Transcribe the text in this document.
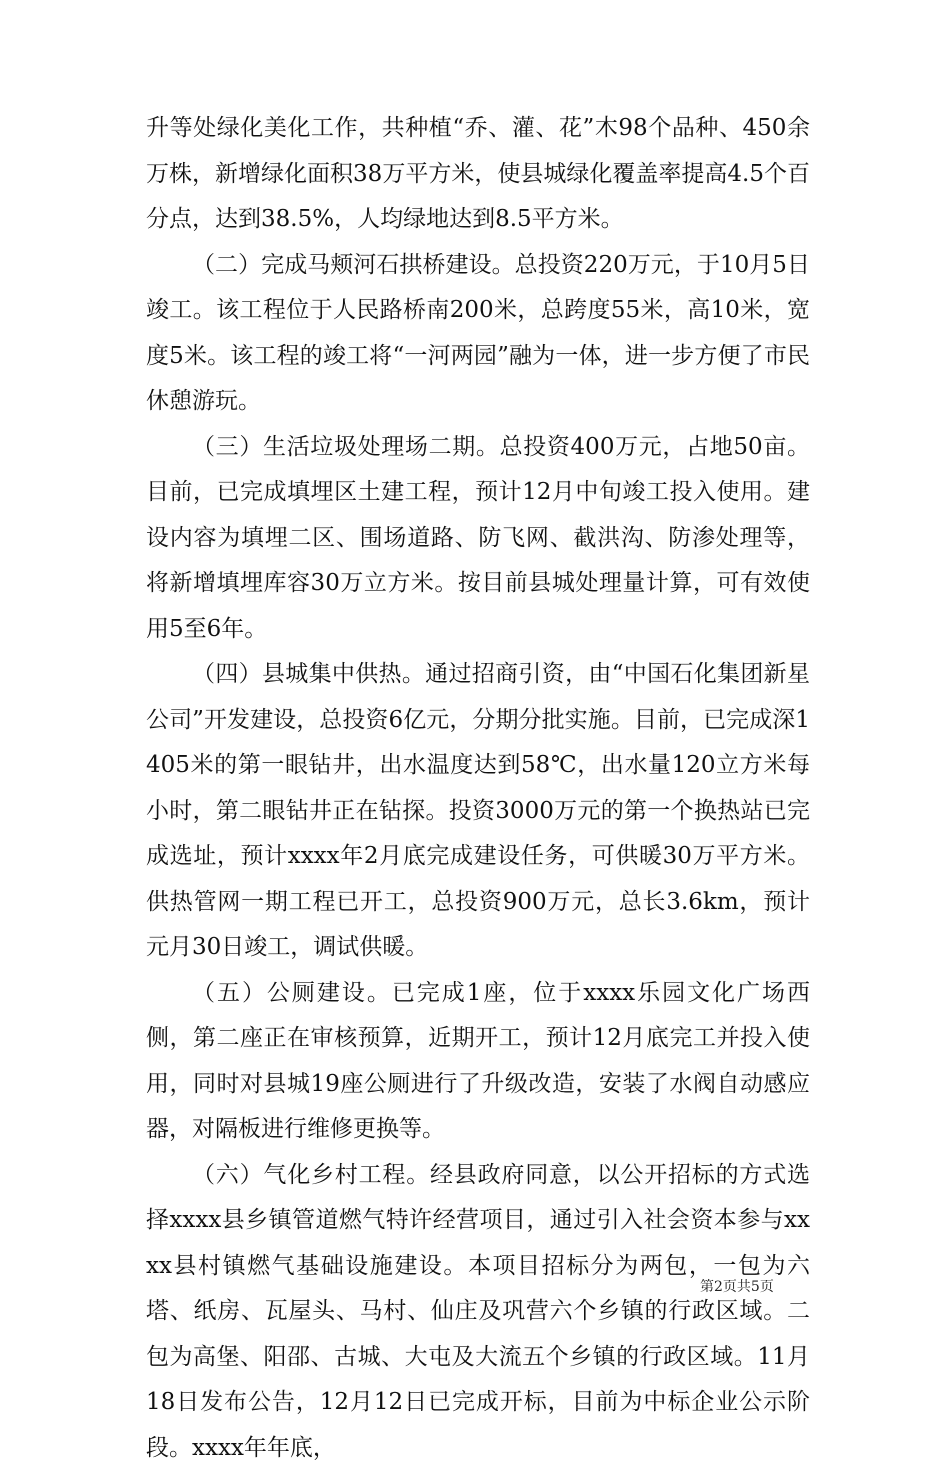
升等处绿化美化工作，共种植“乔、灌、花”木98个品种、450余万株，新增绿化面积38万平方米，使县城绿化覆盖率提高4.5个百分点，达到38.5%，人均绿地达到8.5平方米。

（二）完成马颊河石拱桥建设。总投资220万元，于10月5日竣工。该工程位于人民路桥南200米，总跨度55米，高10米，宽度5米。该工程的竣工将“一河两园”融为一体，进一步方便了市民休憩游玩。

（三）生活垃圾处理场二期。总投资400万元，占地50亩。目前，已完成填埋区土建工程，预计12月中旬竣工投入使用。建设内容为填埋二区、围场道路、防飞网、截洪沟、防渗处理等，将新增填埋库容30万立方米。按目前县城处理量计算，可有效使用5至6年。

（四）县城集中供热。通过招商引资，由“中国石化集团新星公司”开发建设，总投资6亿元，分期分批实施。目前，已完成深1405米的第一眼钻井，出水温度达到58℃，出水量120立方米每小时，第二眼钻井正在钻探。投资3000万元的第一个换热站已完成选址，预计xxxx年2月底完成建设任务，可供暖30万平方米。供热管网一期工程已开工，总投资900万元，总长3.6km，预计元月30日竣工，调试供暖。

（五）公厕建设。已完成1座，位于xxxx乐园文化广场西侧，第二座正在审核预算，近期开工，预计12月底完工并投入使用，同时对县城19座公厕进行了升级改造，安装了水阀自动感应器，对隔板进行维修更换等。

（六）气化乡村工程。经县政府同意，以公开招标的方式选择xxxx县乡镇管道燃气特许经营项目，通过引入社会资本参与xxxx县村镇燃气基础设施建设。本项目招标分为两包，一包为六塔、纸房、瓦屋头、马村、仙庄及巩营六个乡镇的行政区域。二包为高堡、阳邵、古城、大屯及大流五个乡镇的行政区域。11月18日发布公告，12月12日已完成开标，目前为中标企业公示阶段。xxxx年年底，

第2页共5页
